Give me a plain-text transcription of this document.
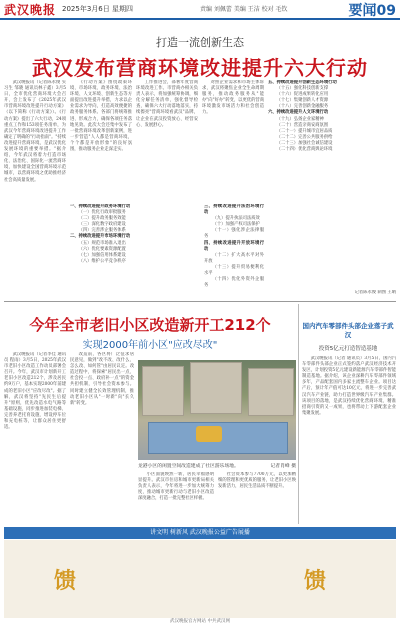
武汉晚报 2025年3月6日 星期四	责编 刘佩蕾 美编 王洁 校对 毛钦	要闻09
打造一流创新生态
武汉发布营商环境改进提升六大行动

武汉晚报讯（记者陈永俊 实习生 邹晓 通讯员林子鑫）3月5日，全市优化营商环境大会召开，会上发布了《2025年武汉市营商环境改进提升行动方案》（以下简称《行动方案》）。《行动方案》提出了六大行动，24项重点工作和153项任务清单，为武汉今年营商环境改进提升工作确定了明确的"行动指南"。"持续改进提升营商环境，是武汉优化发展环境的重要举措。"据介绍，今年武汉将着力打造市场化、法治化、国际化一流营商环境，加快建设全国营商环境示范城市，以营商环境之优助推经济社会高质量发展。

《行动方案》围绕政策环境、市场环境、政务环境、法治环境、人文环境、创新生态等方面提出改进提升举措，力求以企业需求为导向，打造高效便捷的政务服务体系。各部门将统筹推进、形成合力，确保各项任务落地见效。此次大会还集中发布了一批营商环境改革创新案例，进一步营造"人人都是营商环境，个个都是开放形象"的良好氛围，推动服务企业走深走实。

工作推进会，部署年度营商环境改进工作。市营商办相关负责人表示，将加强统筹协调，细化分解任务清单，强化督导检查，确保六大行动落地落实，持续擦亮"营商环境看武汉"品牌，让企业在武汉投资放心、经营安心、发展舒心。

对照企业需求和市场主体诉求，武汉将聚焦企业全生命周期服务，推动政务服务从"能办"向"好办"转变，以更优的营商环境激发市场活力和社会创造力。

一、持续改进提升政务环境行动

（一）优化行政审批服务

（二）提升政务服务效能

（三）深化数字政府建设

（四）完善涉企服务体系

二、持续改进提升市场环境行动

（五）规范市场准入退出

（六）优化要素资源配置

（七）加强信用体系建设

（八）维护公平竞争秩序

三、持续改进提升法治环境行动

（九）提升执法司法质效

（十）加强产权司法保护

（十一）强化涉企法律服务

四、持续改进提升开放环境行动

（十二）扩大高水平对外开放

（十三）提升贸易便利化水平

（十四）优化外资外企服务

五、持续改进提升创新生态环境行动

（十五）强化科技创新支撑

（十六）促进成果转化应用

（十七）集聚创新人才资源

（十八）完善创新金融服务

六、持续改进提升人文环境行动

（十九）弘扬企业家精神

（二十）营造亲商安商氛围

（二十一）提升城市宜居品质

（二十二）完善公共服务供给

（二十三）加强社会诚信建设

（二十四）优化营商舆论环境

记者陈永俊 制图 王晴
今年全市老旧小区改造新开工212个
实现2000年前小区"应改尽改"

武汉晚报讯（记者李佳 通讯员 程雨）3月5日，2025年武汉市老旧小区改造工作动员部署会召开。今年，武汉市计划新开工老旧小区改造212个，涉及居民约9万户，基本实现2000年前建成的老旧小区"应改尽改"。据了解，武汉将坚持"先民生后提升"原则，优先改造水电气路等基础设施，同步推进加装电梯、完善养老托育设施、增设停车位和充电桩等，让群众居住更舒适。

改造前，各区将广泛征求居民意见，做到"改不改、改什么、怎么改、如何管"由居民议定。改造过程中，将探索"居民出一点、社会投一点、政府补一点"的资金共担机制，引导社会资本参与。同时建立健全长效管理机制，推动老旧小区从"一时新"向"长久新"转变。

龙港小区的闲置空间改造建成了社区游乐场地。	记者肖峰 摄

小区面貌焕然一新，居民幸福感明显提升。武汉市住房和城市更新局相关负责人表示，今年将进一步加大统筹力度，推动城市更新行动与老旧小区改造深度融合，打造一批完整社区样板。

社会资本参与7700万元，以更加精细的管理和更优质的服务，让老旧小区焕发新活力，居民生活品质不断提升。

国内汽车零部件头部企业落子武汉
投资5亿元打造智造基地

武汉晚报讯（记者 通讯员）3月5日，国内汽车零部件头部企业正式签约落户武汉经济技术开发区，计划投资5亿元建设新能源汽车零部件智能制造基地。据介绍，该企业深耕汽车零部件领域多年，产品配套国内多家主流整车企业。项目达产后，预计年产值可达10亿元，将进一步完善武汉汽车产业链，助力打造世界级汽车产业集群。该项目的落地，是武汉持续优化营商环境、精准招商引资的又一成果，也将带动上下游配套企业集聚发展。

讲文明 树新风 武汉晚报公益广告展播
馈	馈
武汉晚报官方网站 中共武汉网
